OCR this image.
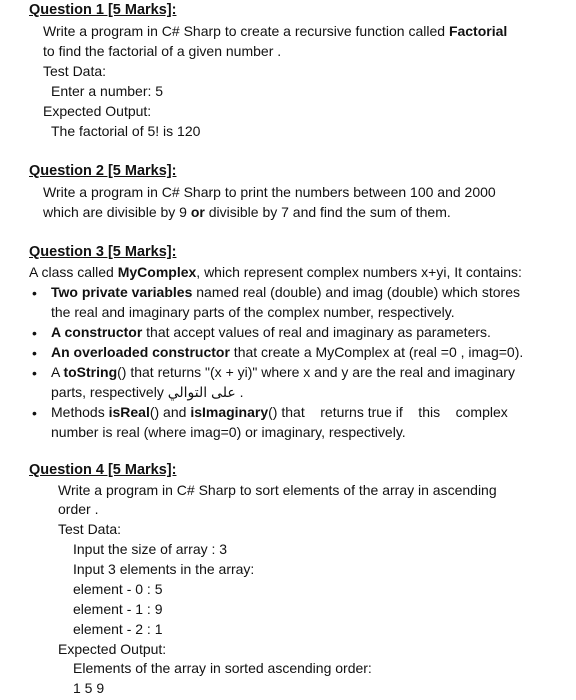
Question 1 [5 Marks]:
Write a program in C# Sharp to create a recursive function called Factorial
to find the factorial of a given number .
Test Data:
Enter a number: 5
Expected Output:
The factorial of 5! is 120
Question 2 [5 Marks]:
Write a program in C# Sharp to print the numbers between 100 and 2000
which are divisible by 9 or divisible by 7 and find the sum of them.
Question 3 [5 Marks]:
A class called MyComplex, which represent complex numbers x+yi, It contains:
• Two private variables named real (double) and imag (double) which stores
the real and imaginary parts of the complex number, respectively.
• A constructor that accept values of real and imaginary as parameters.
• An overloaded constructor that create a MyComplex at (real =0 , imag=0).
• A toString() that returns "(x + yi)" where x and y are the real and imaginary
parts, respectively على التوالي .
• Methods isReal() and isImaginary() that    returns true if    this    complex
number is real (where imag=0) or imaginary, respectively.
Question 4 [5 Marks]:
Write a program in C# Sharp to sort elements of the array in ascending
order .
Test Data:
Input the size of array : 3
Input 3 elements in the array:
element - 0 : 5
element - 1 : 9
element - 2 : 1
Expected Output:
Elements of the array in sorted ascending order:
1 5 9
